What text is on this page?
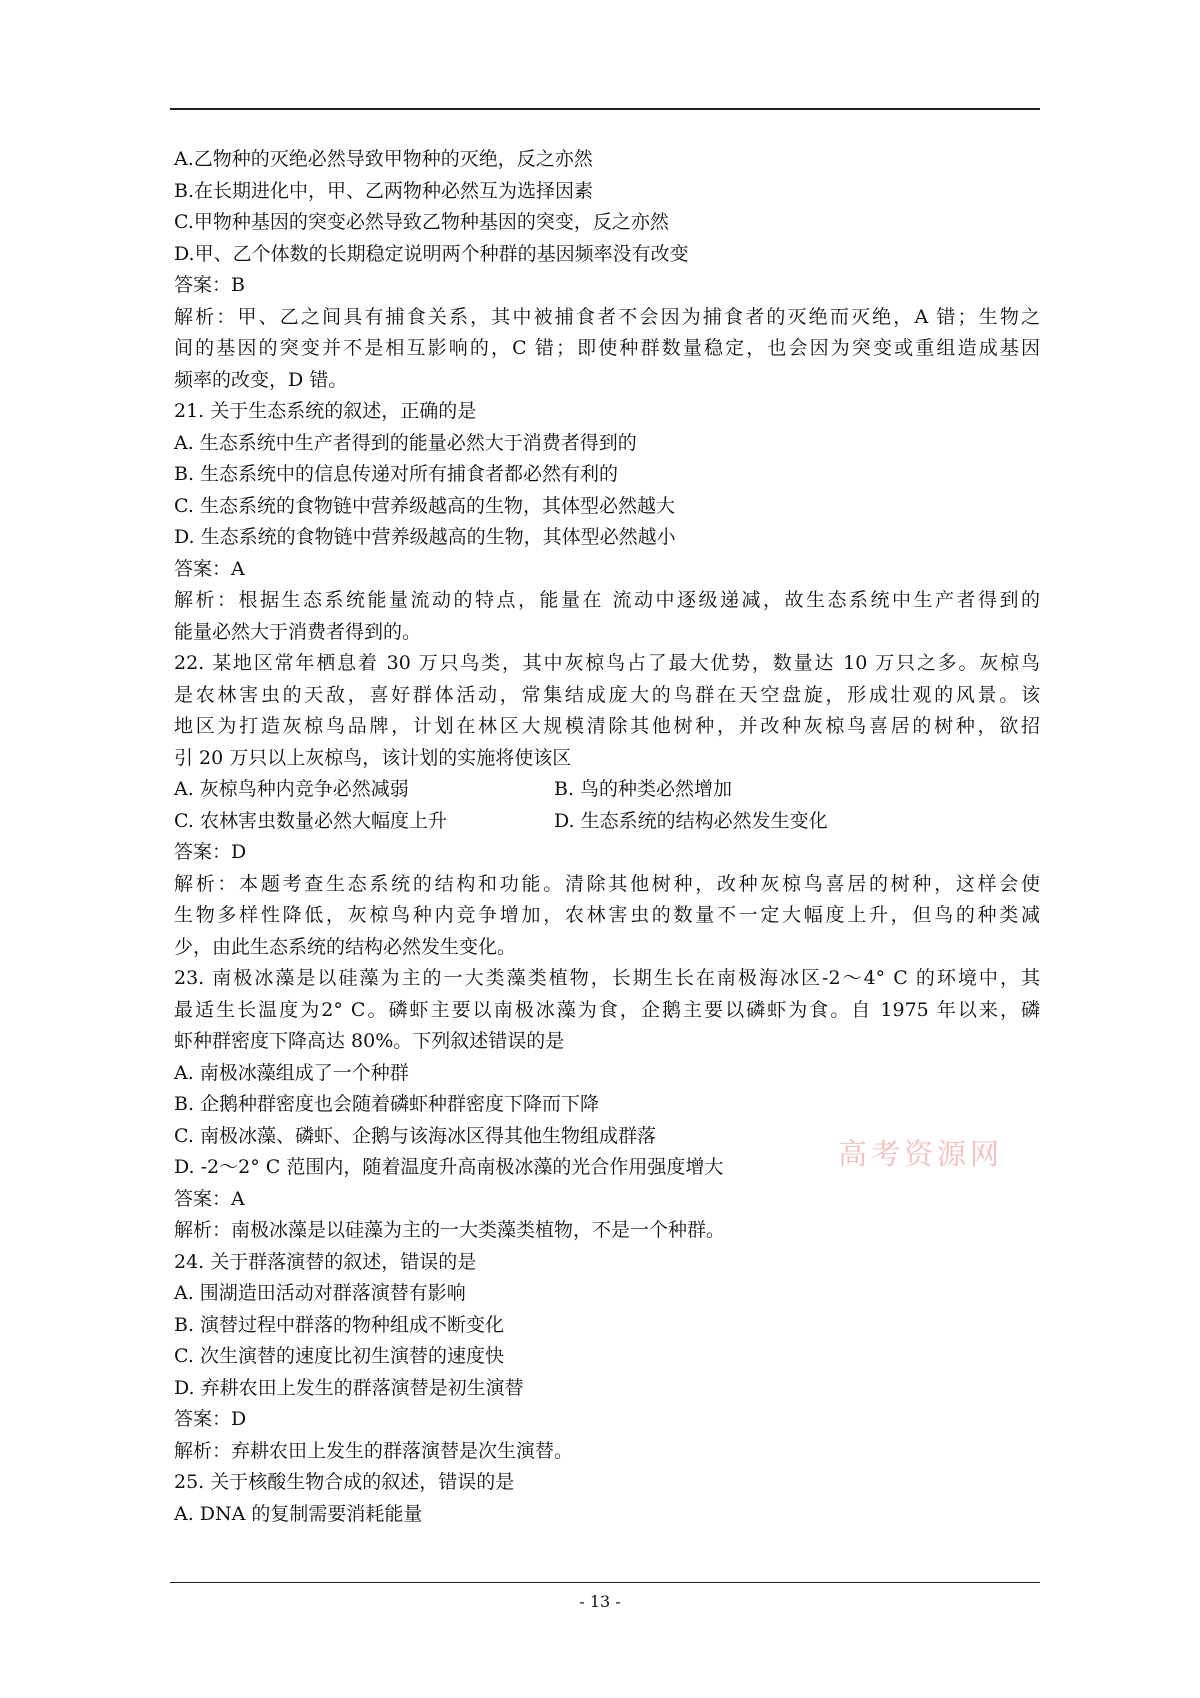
A.乙物种的灭绝必然导致甲物种的灭绝，反之亦然
B.在长期进化中，甲、乙两物种必然互为选择因素
C.甲物种基因的突变必然导致乙物种基因的突变，反之亦然
D.甲、乙个体数的长期稳定说明两个种群的基因频率没有改变
答案：B
解析：甲、乙之间具有捕食关系，其中被捕食者不会因为捕食者的灭绝而灭绝，A 错；生物之
间的基因的突变并不是相互影响的，C 错；即使种群数量稳定，也会因为突变或重组造成基因
频率的改变，D 错。
21. 关于生态系统的叙述，正确的是
A. 生态系统中生产者得到的能量必然大于消费者得到的
B. 生态系统中的信息传递对所有捕食者都必然有利的
C. 生态系统的食物链中营养级越高的生物，其体型必然越大
D. 生态系统的食物链中营养级越高的生物，其体型必然越小
答案：A
解析：根据生态系统能量流动的特点，能量在 流动中逐级递减，故生态系统中生产者得到的
能量必然大于消费者得到的。
22. 某地区常年栖息着 30 万只鸟类，其中灰椋鸟占了最大优势，数量达 10 万只之多。灰椋鸟
是农林害虫的天敌，喜好群体活动，常集结成庞大的鸟群在天空盘旋，形成壮观的风景。该
地区为打造灰椋鸟品牌，计划在林区大规模清除其他树种，并改种灰椋鸟喜居的树种，欲招
引 20 万只以上灰椋鸟，该计划的实施将使该区
A. 灰椋鸟种内竞争必然减弱	B. 鸟的种类必然增加
C. 农林害虫数量必然大幅度上升	D. 生态系统的结构必然发生变化
答案：D
解析：本题考查生态系统的结构和功能。清除其他树种，改种灰椋鸟喜居的树种，这样会使
生物多样性降低，灰椋鸟种内竞争增加，农林害虫的数量不一定大幅度上升，但鸟的种类减
少，由此生态系统的结构必然发生变化。
23. 南极冰藻是以硅藻为主的一大类藻类植物，长期生长在南极海冰区-2～4° C 的环境中，其
最适生长温度为2° C。磷虾主要以南极冰藻为食，企鹅主要以磷虾为食。自 1975 年以来，磷
虾种群密度下降高达 80%。下列叙述错误的是
A. 南极冰藻组成了一个种群
B. 企鹅种群密度也会随着磷虾种群密度下降而下降
C. 南极冰藻、磷虾、企鹅与该海冰区得其他生物组成群落
D. -2～2° C 范围内，随着温度升高南极冰藻的光合作用强度增大
答案：A
解析：南极冰藻是以硅藻为主的一大类藻类植物，不是一个种群。
24. 关于群落演替的叙述，错误的是
A. 围湖造田活动对群落演替有影响
B. 演替过程中群落的物种组成不断变化
C. 次生演替的速度比初生演替的速度快
D. 弃耕农田上发生的群落演替是初生演替
答案：D
解析：弃耕农田上发生的群落演替是次生演替。
25. 关于核酸生物合成的叙述，错误的是
A. DNA 的复制需要消耗能量
高考资源网
- 13 -
